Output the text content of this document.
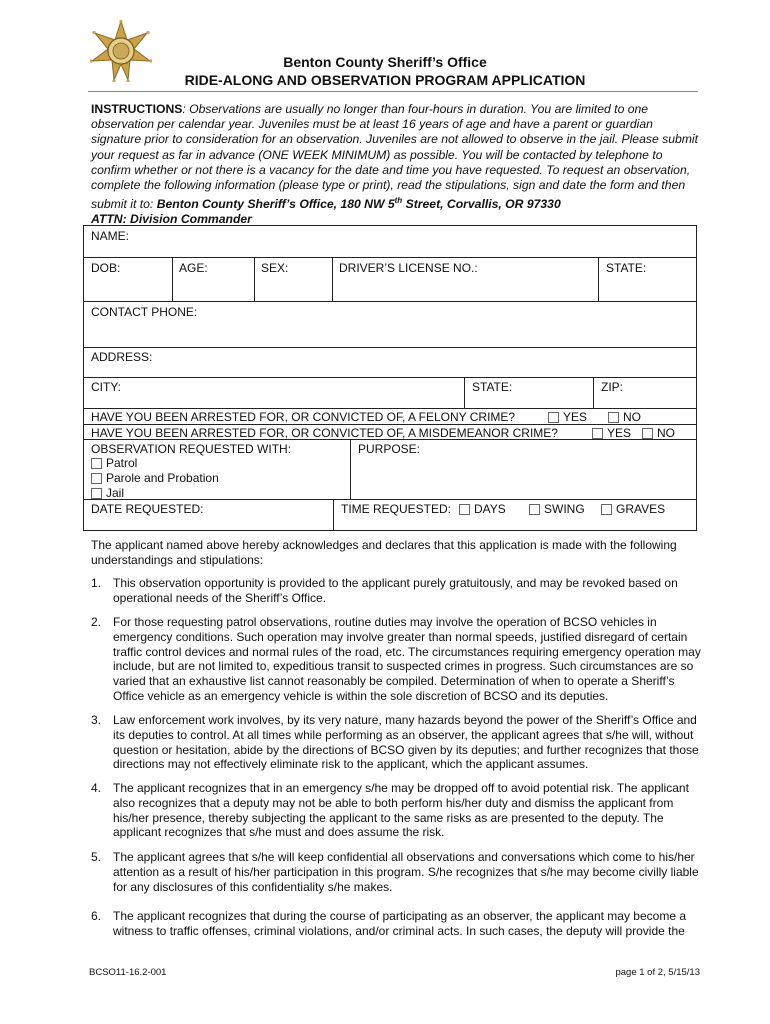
Benton County Sheriff’s Office
RIDE-ALONG AND OBSERVATION PROGRAM APPLICATION
INSTRUCTIONS: Observations are usually no longer than four-hours in duration. You are limited to one observation per calendar year. Juveniles must be at least 16 years of age and have a parent or guardian signature prior to consideration for an observation. Juveniles are not allowed to observe in the jail. Please submit your request as far in advance (ONE WEEK MINIMUM) as possible. You will be contacted by telephone to confirm whether or not there is a vacancy for the date and time you have requested. To request an observation, complete the following information (please type or print), read the stipulations, sign and date the form and then submit it to: Benton County Sheriff’s Office, 180 NW 5th Street, Corvallis, OR 97330
ATTN: Division Commander
NAME:
DOB:	AGE:	SEX:	DRIVER’S LICENSE NO.:	STATE:
CONTACT PHONE:
ADDRESS:
CITY:	STATE:	ZIP:
HAVE YOU BEEN ARRESTED FOR, OR CONVICTED OF, A FELONY CRIME?	YES	NO
HAVE YOU BEEN ARRESTED FOR, OR CONVICTED OF, A MISDEMEANOR CRIME?	YES	NO
OBSERVATION REQUESTED WITH:
Patrol
Parole and Probation
Jail
PURPOSE:
DATE REQUESTED:	TIME REQUESTED:	DAYS	SWING	GRAVES
The applicant named above hereby acknowledges and declares that this application is made with the following understandings and stipulations:
1. This observation opportunity is provided to the applicant purely gratuitously, and may be revoked based on operational needs of the Sheriff’s Office.
2. For those requesting patrol observations, routine duties may involve the operation of BCSO vehicles in emergency conditions. Such operation may involve greater than normal speeds, justified disregard of certain traffic control devices and normal rules of the road, etc. The circumstances requiring emergency operation may include, but are not limited to, expeditious transit to suspected crimes in progress. Such circumstances are so varied that an exhaustive list cannot reasonably be compiled. Determination of when to operate a Sheriff’s Office vehicle as an emergency vehicle is within the sole discretion of BCSO and its deputies.
3. Law enforcement work involves, by its very nature, many hazards beyond the power of the Sheriff’s Office and its deputies to control. At all times while performing as an observer, the applicant agrees that s/he will, without question or hesitation, abide by the directions of BCSO given by its deputies; and further recognizes that those directions may not effectively eliminate risk to the applicant, which the applicant assumes.
4. The applicant recognizes that in an emergency s/he may be dropped off to avoid potential risk. The applicant also recognizes that a deputy may not be able to both perform his/her duty and dismiss the applicant from his/her presence, thereby subjecting the applicant to the same risks as are presented to the deputy. The applicant recognizes that s/he must and does assume the risk.
5. The applicant agrees that s/he will keep confidential all observations and conversations which come to his/her attention as a result of his/her participation in this program. S/he recognizes that s/he may become civilly liable for any disclosures of this confidentiality s/he makes.
6. The applicant recognizes that during the course of participating as an observer, the applicant may become a witness to traffic offenses, criminal violations, and/or criminal acts. In such cases, the deputy will provide the
BCSO11-16.2-001	page 1 of 2, 5/15/13
